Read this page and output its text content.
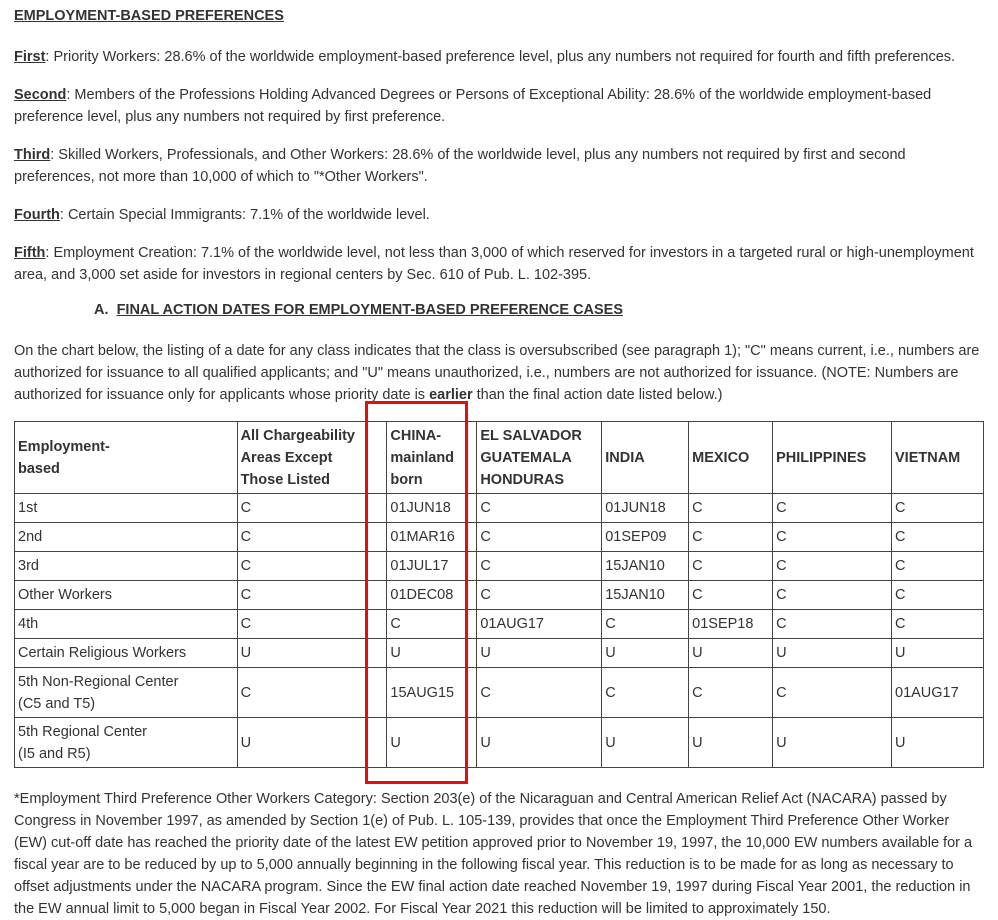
EMPLOYMENT-BASED PREFERENCES

First: Priority Workers: 28.6% of the worldwide employment-based preference level, plus any numbers not required for fourth and fifth preferences.

Second: Members of the Professions Holding Advanced Degrees or Persons of Exceptional Ability: 28.6% of the worldwide employment-based preference level, plus any numbers not required by first preference.

Third: Skilled Workers, Professionals, and Other Workers: 28.6% of the worldwide level, plus any numbers not required by first and second preferences, not more than 10,000 of which to "*Other Workers".

Fourth: Certain Special Immigrants: 7.1% of the worldwide level.

Fifth: Employment Creation: 7.1% of the worldwide level, not less than 3,000 of which reserved for investors in a targeted rural or high-unemployment area, and 3,000 set aside for investors in regional centers by Sec. 610 of Pub. L. 102-395.

A. FINAL ACTION DATES FOR EMPLOYMENT-BASED PREFERENCE CASES

On the chart below, the listing of a date for any class indicates that the class is oversubscribed (see paragraph 1); "C" means current, i.e., numbers are authorized for issuance to all qualified applicants; and "U" means unauthorized, i.e., numbers are not authorized for issuance. (NOTE: Numbers are authorized for issuance only for applicants whose priority date is earlier than the final action date listed below.)

Employment-
based	All Chargeability
Areas Except
Those Listed	CHINA-
mainland
born	EL SALVADOR
GUATEMALA
HONDURAS	INDIA	MEXICO	PHILIPPINES	VIETNAM
1st	C	01JUN18	C	01JUN18	C	C	C
2nd	C	01MAR16	C	01SEP09	C	C	C
3rd	C	01JUL17	C	15JAN10	C	C	C
Other Workers	C	01DEC08	C	15JAN10	C	C	C
4th	C	C	01AUG17	C	01SEP18	C	C
Certain Religious Workers	U	U	U	U	U	U	U
5th Non-Regional Center
(C5 and T5)	C	15AUG15	C	C	C	C	01AUG17
5th Regional Center
(I5 and R5)	U	U	U	U	U	U	U

*Employment Third Preference Other Workers Category: Section 203(e) of the Nicaraguan and Central American Relief Act (NACARA) passed by Congress in November 1997, as amended by Section 1(e) of Pub. L. 105-139, provides that once the Employment Third Preference Other Worker (EW) cut-off date has reached the priority date of the latest EW petition approved prior to November 19, 1997, the 10,000 EW numbers available for a fiscal year are to be reduced by up to 5,000 annually beginning in the following fiscal year. This reduction is to be made for as long as necessary to offset adjustments under the NACARA program. Since the EW final action date reached November 19, 1997 during Fiscal Year 2001, the reduction in the EW annual limit to 5,000 began in Fiscal Year 2002. For Fiscal Year 2021 this reduction will be limited to approximately 150.
